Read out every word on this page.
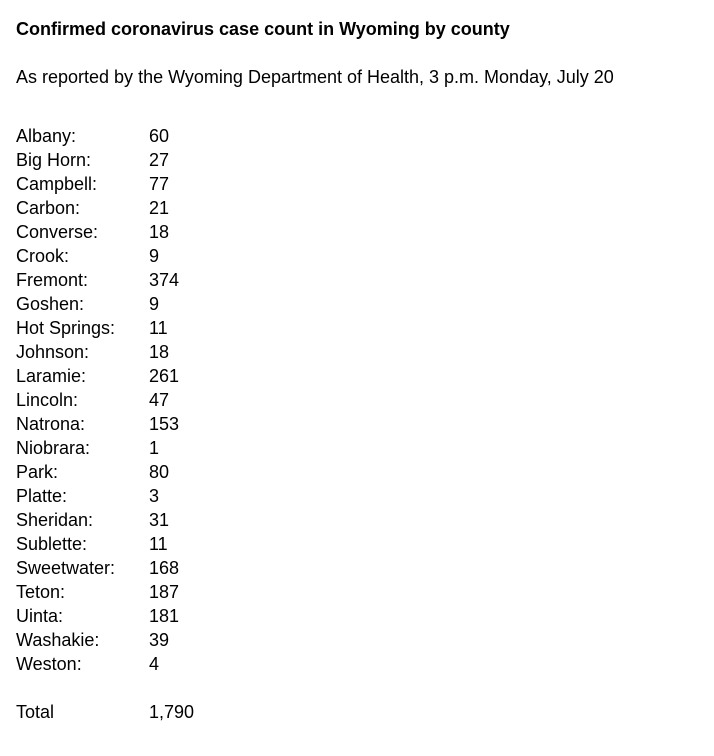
Confirmed coronavirus case count in Wyoming by county
As reported by the Wyoming Department of Health, 3 p.m. Monday, July 20
Albany:	60
Big Horn:	27
Campbell:	77
Carbon:	21
Converse:	18
Crook:	9
Fremont:	374
Goshen:	9
Hot Springs:	11
Johnson:	18
Laramie:	261
Lincoln:	47
Natrona:	153
Niobrara:	1
Park:	80
Platte:	3
Sheridan:	31
Sublette:	11
Sweetwater:	168
Teton:	187
Uinta:	181
Washakie:	39
Weston:	4
Total	1,790
